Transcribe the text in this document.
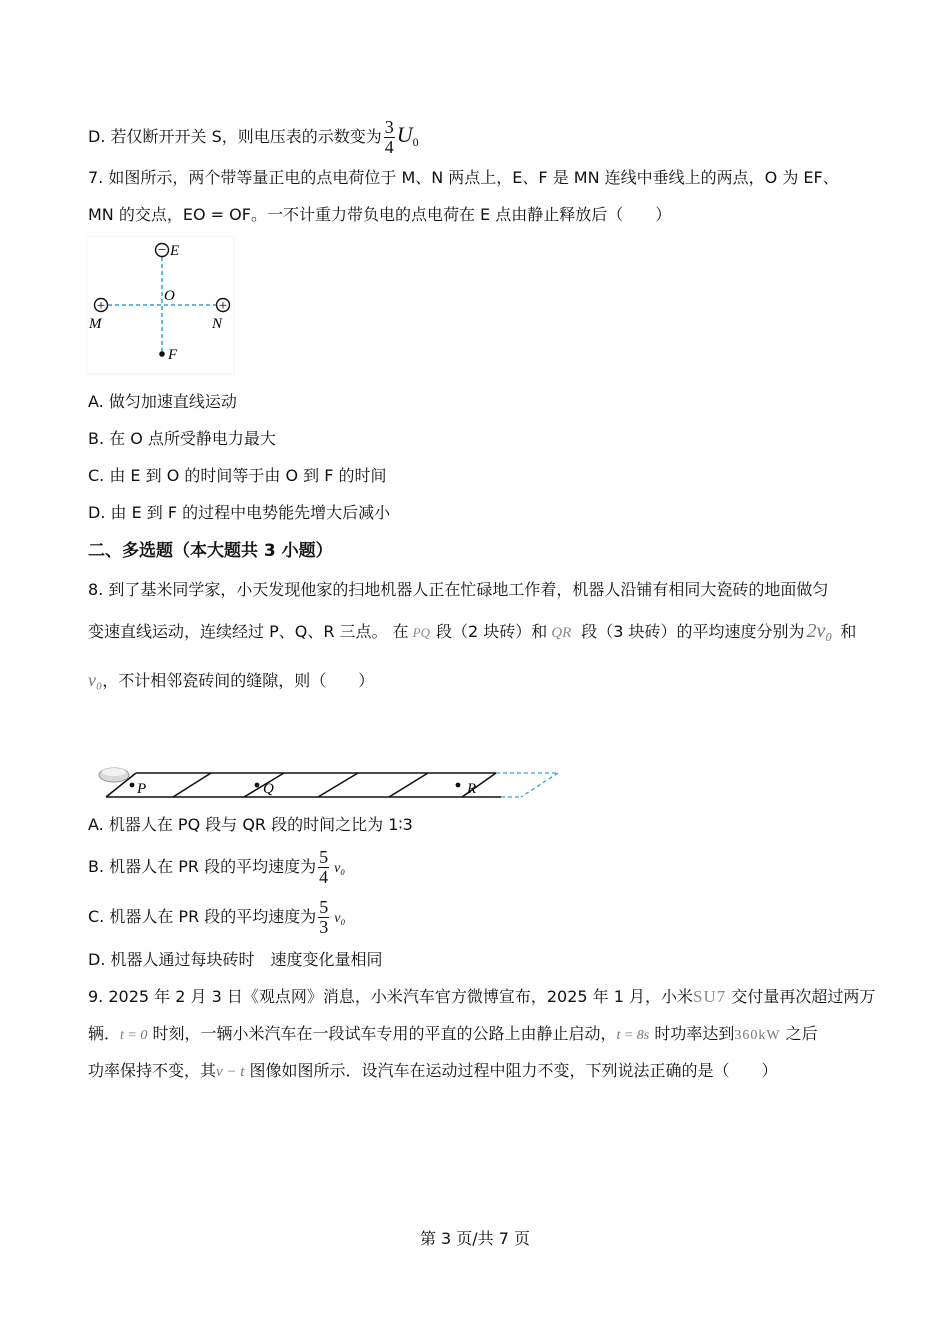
D. 若仅断开开关 S，则电压表的示数变为 $\frac{3}{4} U_0$
7. 如图所示，两个带等量正电的点电荷位于 M、N 两点上，E、F 是 MN 连线中垂线上的两点，O 为 EF、
MN 的交点，EO = OF。一不计重力带负电的点电荷在 E 点由静止释放后（　　）
− E
+	+
O
M	N
F
A. 做匀加速直线运动
B. 在 O 点所受静电力最大
C. 由 E 到 O 的时间等于由 O 到 F 的时间
D. 由 E 到 F 的过程中电势能先增大后减小
二、多选题（本大题共 3 小题）
8. 到了基米同学家，小天发现他家的扫地机器人正在忙碌地工作着，机器人沿铺有相同大瓷砖的地面做匀
变速直线运动，连续经过 P、Q、R 三点。 在 PQ 段（2 块砖）和 QR 段（3 块砖）的平均速度分别为 2v₀ 和
v₀，不计相邻瓷砖间的缝隙，则（　　）
P	Q	R
A. 机器人在 PQ 段与 QR 段的时间之比为 1∶3
B. 机器人在 PR 段的平均速度为 $\frac{5}{4} v_0$
C. 机器人在 PR 段的平均速度为 $\frac{5}{3} v_0$
D. 机器人通过每块砖时　速度变化量相同
9. 2025 年 2 月 3 日《观点网》消息，小米汽车官方微博宣布，2025 年 1 月，小米SU7 交付量再次超过两万
辆．t = 0 时刻，一辆小米汽车在一段试车专用的平直的公路上由静止启动，t = 8s 时功率达到360kW 之后
功率保持不变，其v − t 图像如图所示．设汽车在运动过程中阻力不变，下列说法正确的是（　　）
第 3 页/共 7 页
